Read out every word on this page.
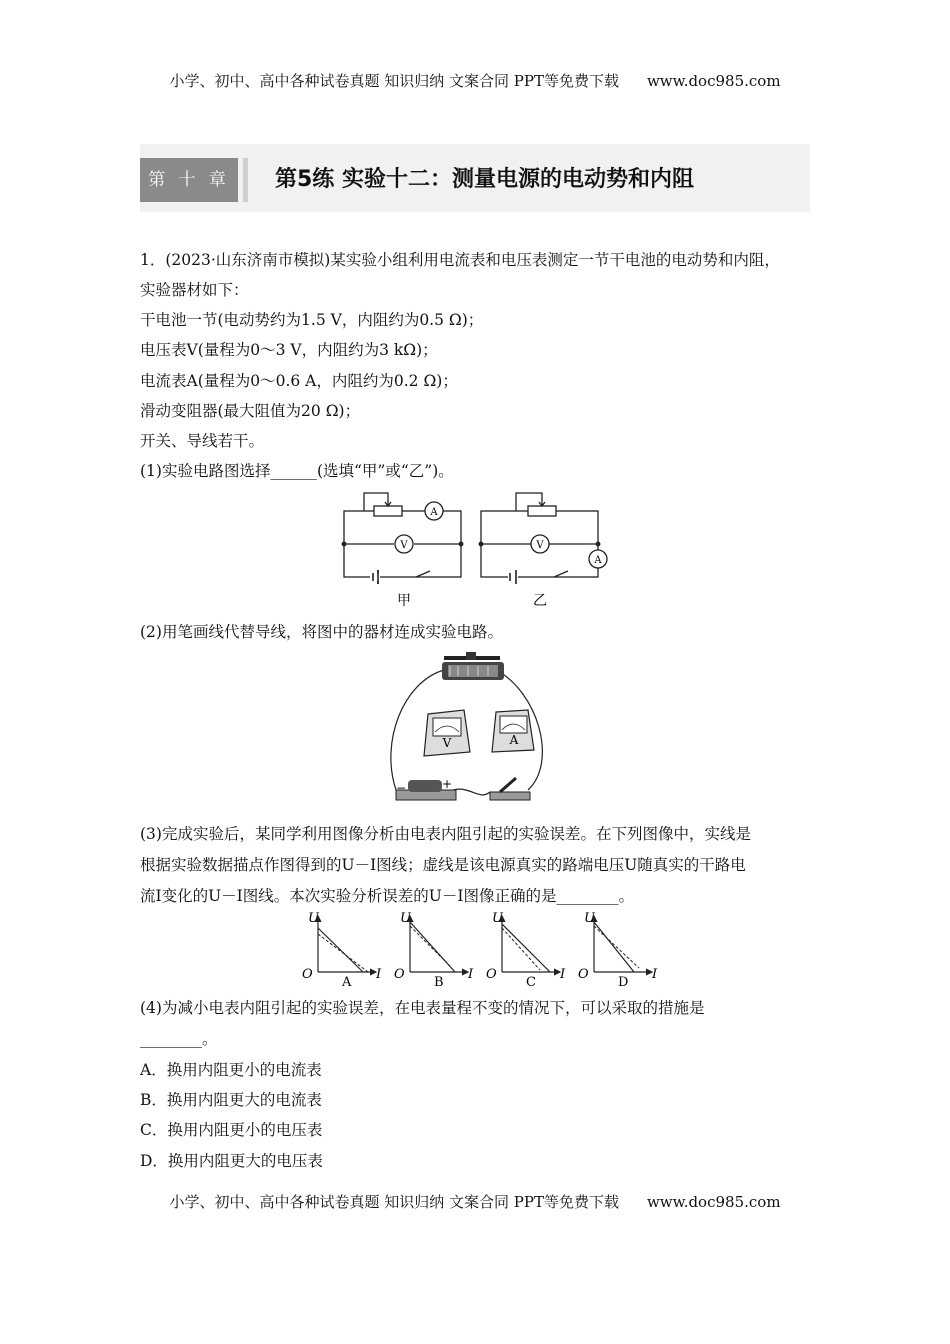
小学、初中、高中各种试卷真题 知识归纳 文案合同 PPT等免费下载 www.doc985.com
第 十 章	第5练 实验十二：测量电源的电动势和内阻
1．(2023·山东济南市模拟)某实验小组利用电流表和电压表测定一节干电池的电动势和内阻，
实验器材如下：
干电池一节(电动势约为1.5 V，内阻约为0.5 Ω)；
电压表V(量程为0～3 V，内阻约为3 kΩ)；
电流表A(量程为0～0.6 A，内阻约为0.2 Ω)；
滑动变阻器(最大阻值为20 Ω)；
开关、导线若干。
(1)实验电路图选择______(选填“甲”或“乙”)。
V
A
V
A
甲	乙
(2)用笔画线代替导线，将图中的器材连成实验电路。
V	A
−	+
(3)完成实验后，某同学利用图像分析由电表内阻引起的实验误差。在下列图像中，实线是
根据实验数据描点作图得到的U－I图线；虚线是该电源真实的路端电压U随真实的干路电
流I变化的U－I图线。本次实验分析误差的U－I图像正确的是________。
U
I
O
A
U
I
O
B
U
I
O
C
U
I
O
D
(4)为减小电表内阻引起的实验误差，在电表量程不变的情况下，可以采取的措施是
________。
A．换用内阻更小的电流表
B．换用内阻更大的电流表
C．换用内阻更小的电压表
D．换用内阻更大的电压表
小学、初中、高中各种试卷真题 知识归纳 文案合同 PPT等免费下载 www.doc985.com
